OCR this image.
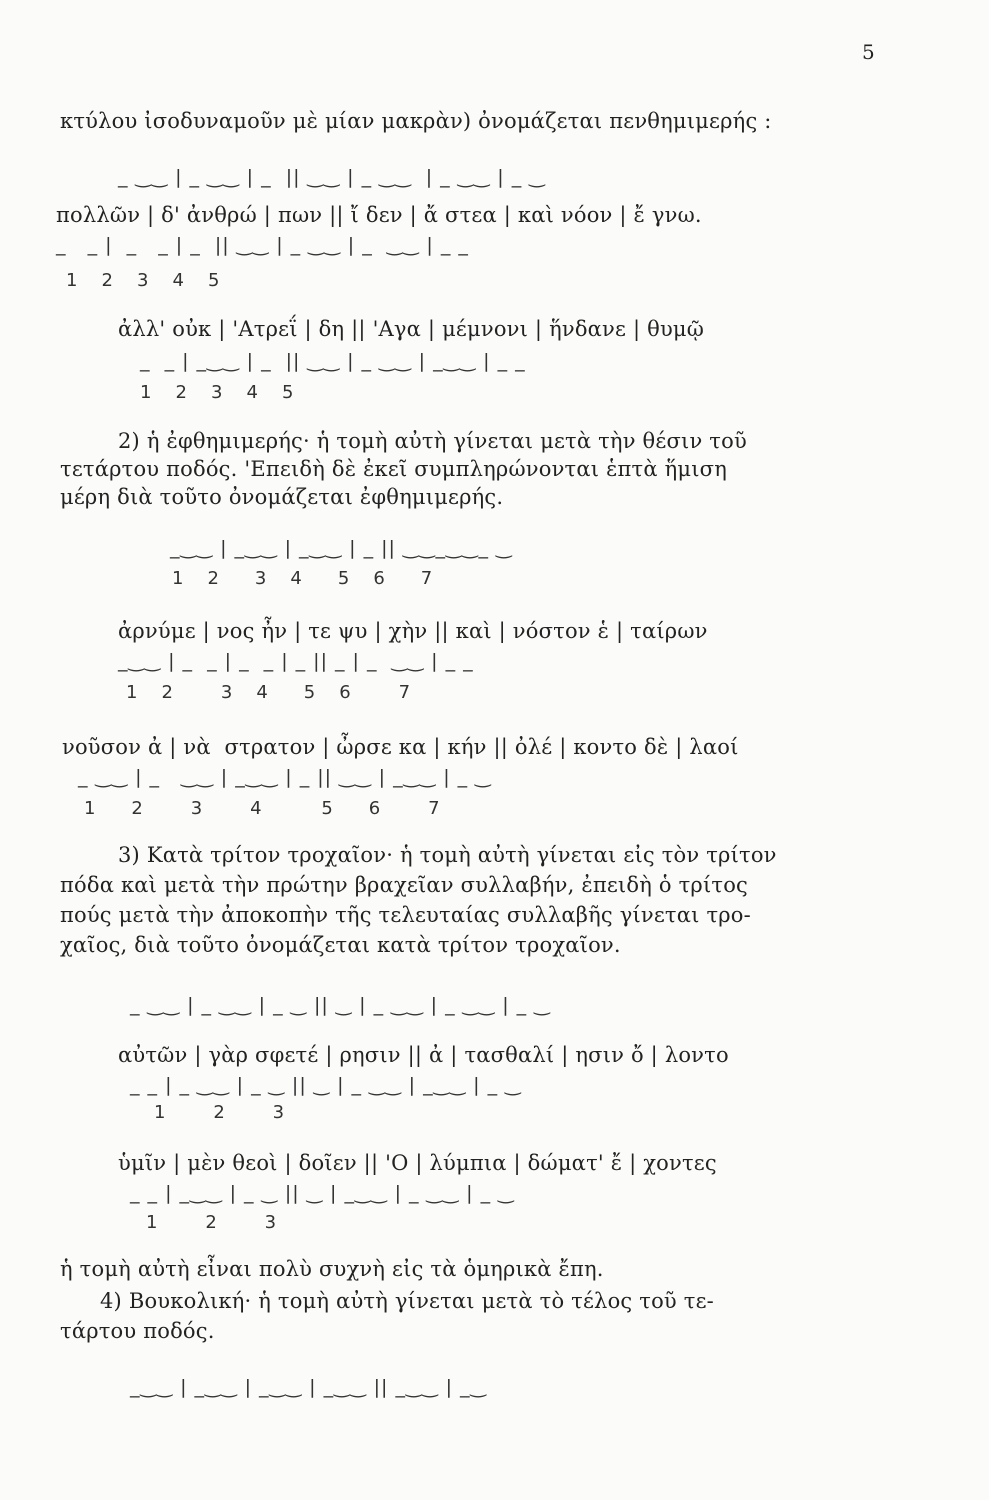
5
κτύλου ἰσοδυναμοῦν μὲ μίαν μακρὰν) ὀνομάζεται πενθημιμερής :
_ ‿‿ | _ ‿‿ | _  || ‿‿ | _ ‿‿  | _ ‿‿ | _ ‿
πολλῶν | δ' ἀνθρώ | πων || ἴ δεν | ἄ στεα | καὶ νόον | ἔ γνω.
_   _ |  _   _ | _  || ‿‿ | _ ‿‿ | _  ‿‿ | _ _
1  2  3  4  5
ἀλλ' οὐκ | 'Ατρεΐ | δη || 'Αγα | μέμνονι | ἥνδανε | θυμῷ
_  _ | _‿‿ | _  || ‿‿ | _ ‿‿ | _‿‿ | _ _
1  2  3  4  5
2) ἡ ἐφθημιμερής· ἡ τομὴ αὐτὴ γίνεται μετὰ τὴν θέσιν τοῦ
τετάρτου ποδός. 'Επειδὴ δὲ ἐκεῖ συμπληρώνονται ἑπτὰ ἥμιση
μέρη διὰ τοῦτο ὀνομάζεται ἐφθημιμερής.
_‿‿ | _‿‿ | _‿‿ | _ || ‿‿_‿‿_ ‿
1  2   3  4   5  6   7
ἀρνύμε | νος ἦν | τε ψυ | χὴν || καὶ | νόστον ἑ | ταίρων
_‿‿ | _  _ | _  _ | _ || _ | _  ‿‿ | _ _
1  2    3  4   5  6    7
νοῦσον ἀ | νὰ  στρατον | ὦρσε κα | κήν || ὀλέ | κοντο δὲ | λαοί
_ ‿‿ | _   ‿‿ | _‿‿ | _ || ‿‿ | _‿‿ | _ ‿
1   2    3    4     5   6    7
3) Κατὰ τρίτον τροχαῖον· ἡ τομὴ αὐτὴ γίνεται εἰς τὸν τρίτον
πόδα καὶ μετὰ τὴν πρώτην βραχεῖαν συλλαβήν, ἐπειδὴ ὁ τρίτος
πούς μετὰ τὴν ἀποκοπὴν τῆς τελευταίας συλλαβῆς γίνεται τρο-
χαῖος, διὰ τοῦτο ὀνομάζεται κατὰ τρίτον τροχαῖον.
_ ‿‿ | _ ‿‿ | _ ‿ || ‿ | _ ‿‿ | _ ‿‿ | _ ‿
αὐτῶν | γὰρ σφετέ | ρησιν || ἀ | τασθαλί | ησιν ὄ | λοντο
_ _ | _ ‿‿ | _ ‿ || ‿ | _ ‿‿ | _‿‿ | _ ‿
1    2    3
ὑμῖν | μὲν θεοὶ | δοῖεν || 'Ο | λύμπια | δώματ' ἔ | χοντες
_ _ | _‿‿ | _ ‿ || ‿ | _‿‿ | _ ‿‿ | _ ‿
1    2    3
ἡ τομὴ αὐτὴ εἶναι πολὺ συχνὴ εἰς τὰ ὁμηρικὰ ἔπη.
4) Βουκολική· ἡ τομὴ αὐτὴ γίνεται μετὰ τὸ τέλος τοῦ τε-
τάρτου ποδός.
_‿‿ | _‿‿ | _‿‿ | _‿‿ || _‿‿ | _‿
